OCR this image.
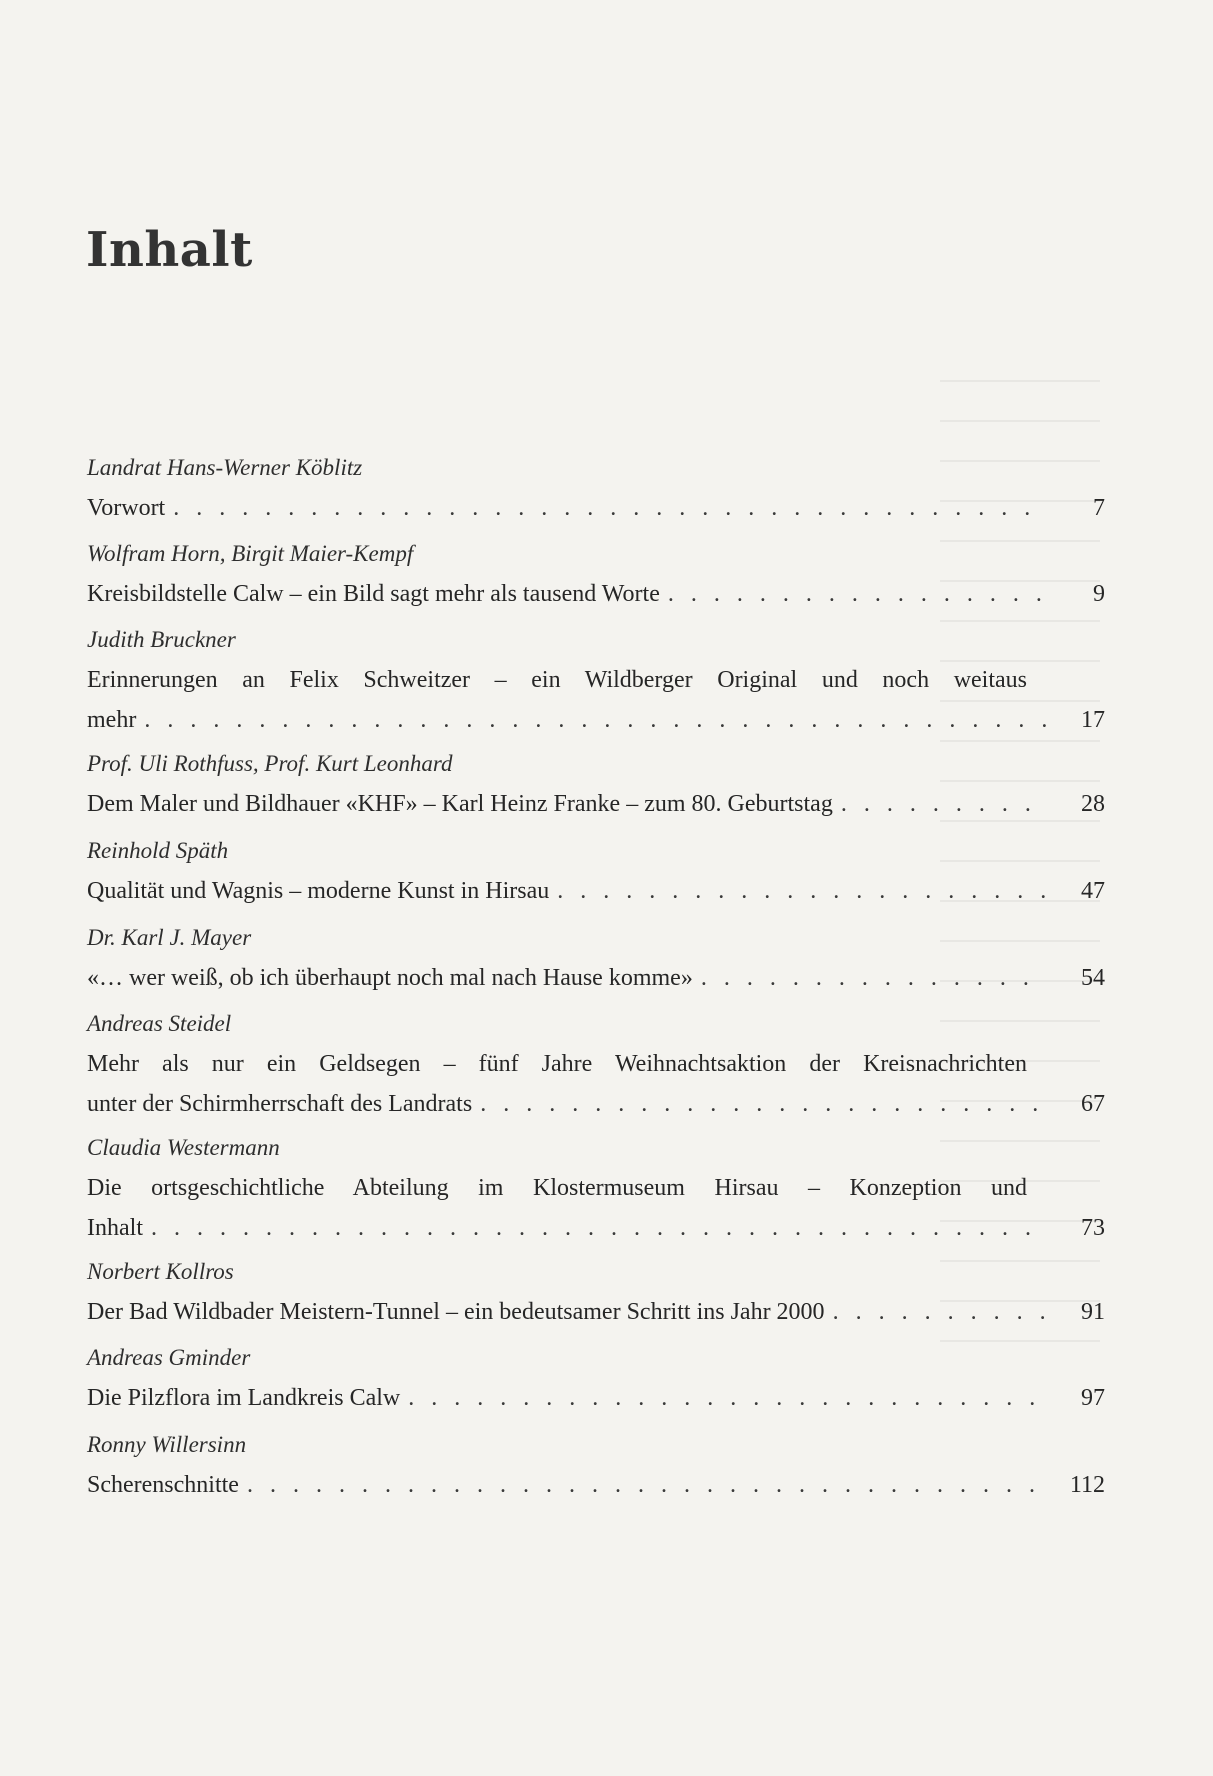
Inhalt
Landrat Hans-Werner Köblitz
Vorwort . . .	7
Wolfram Horn, Birgit Maier-Kempf
Kreisbildstelle Calw – ein Bild sagt mehr als tausend Worte . . .	9
Judith Bruckner
Erinnerungen an Felix Schweitzer – ein Wildberger Original und noch weitaus
mehr . . .	17
Prof. Uli Rothfuss, Prof. Kurt Leonhard
Dem Maler und Bildhauer «KHF» – Karl Heinz Franke – zum 80. Geburtstag . . .	28
Reinhold Späth
Qualität und Wagnis – moderne Kunst in Hirsau . . .	47
Dr. Karl J. Mayer
«… wer weiß, ob ich überhaupt noch mal nach Hause komme» . . .	54
Andreas Steidel
Mehr als nur ein Geldsegen – fünf Jahre Weihnachtsaktion der Kreisnachrichten
unter der Schirmherrschaft des Landrats . . .	67
Claudia Westermann
Die ortsgeschichtliche Abteilung im Klostermuseum Hirsau – Konzeption und
Inhalt . . .	73
Norbert Kollros
Der Bad Wildbader Meistern-Tunnel – ein bedeutsamer Schritt ins Jahr 2000 . . .	91
Andreas Gminder
Die Pilzflora im Landkreis Calw . . .	97
Ronny Willersinn
Scherenschnitte . . .	112
